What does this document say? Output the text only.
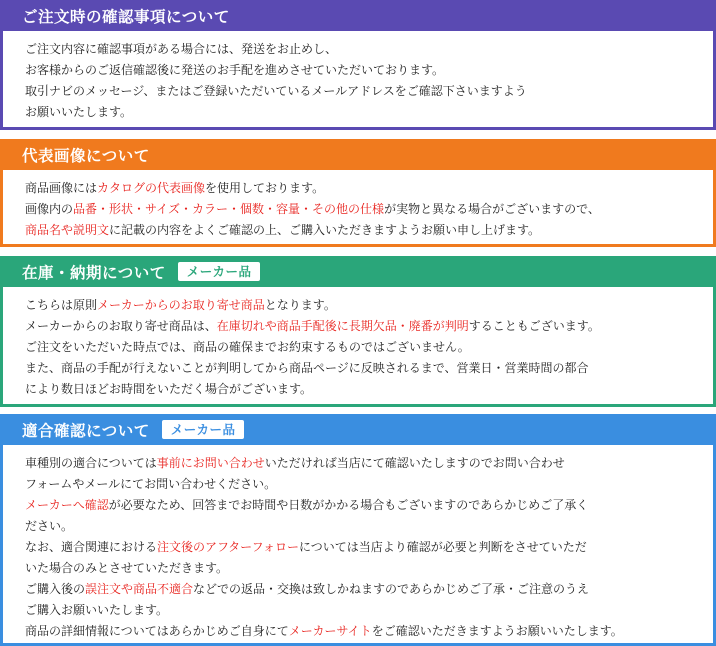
ご注文時の確認事項について
ご注文内容に確認事項がある場合には、発送をお止めし、
お客様からのご返信確認後に発送のお手配を進めさせていただいております。
取引ナビのメッセージ、またはご登録いただいているメールアドレスをご確認下さいますよう
お願いいたします。
代表画像について
商品画像にはカタログの代表画像を使用しております。
画像内の品番・形状・サイズ・カラー・個数・容量・その他の仕様が実物と異なる場合がございますので、
商品名や説明文に記載の内容をよくご確認の上、ご購入いただきますようお願い申し上げます。
在庫・納期について	メーカー品
こちらは原則メーカーからのお取り寄せ商品となります。
メーカーからのお取り寄せ商品は、在庫切れや商品手配後に長期欠品・廃番が判明することもございます。
ご注文をいただいた時点では、商品の確保までお約束するものではございません。
また、商品の手配が行えないことが判明してから商品ページに反映されるまで、営業日・営業時間の都合
により数日ほどお時間をいただく場合がございます。
適合確認について	メーカー品
車種別の適合については事前にお問い合わせいただければ当店にて確認いたしますのでお問い合わせ
フォームやメールにてお問い合わせください。
メーカーへ確認が必要なため、回答までお時間や日数がかかる場合もございますのであらかじめご了承く
ださい。
なお、適合関連における注文後のアフターフォローについては当店より確認が必要と判断をさせていただ
いた場合のみとさせていただきます。
ご購入後の誤注文や商品不適合などでの返品・交換は致しかねますのであらかじめご了承・ご注意のうえ
ご購入お願いいたします。
商品の詳細情報についてはあらかじめご自身にてメーカーサイトをご確認いただきますようお願いいたします。
